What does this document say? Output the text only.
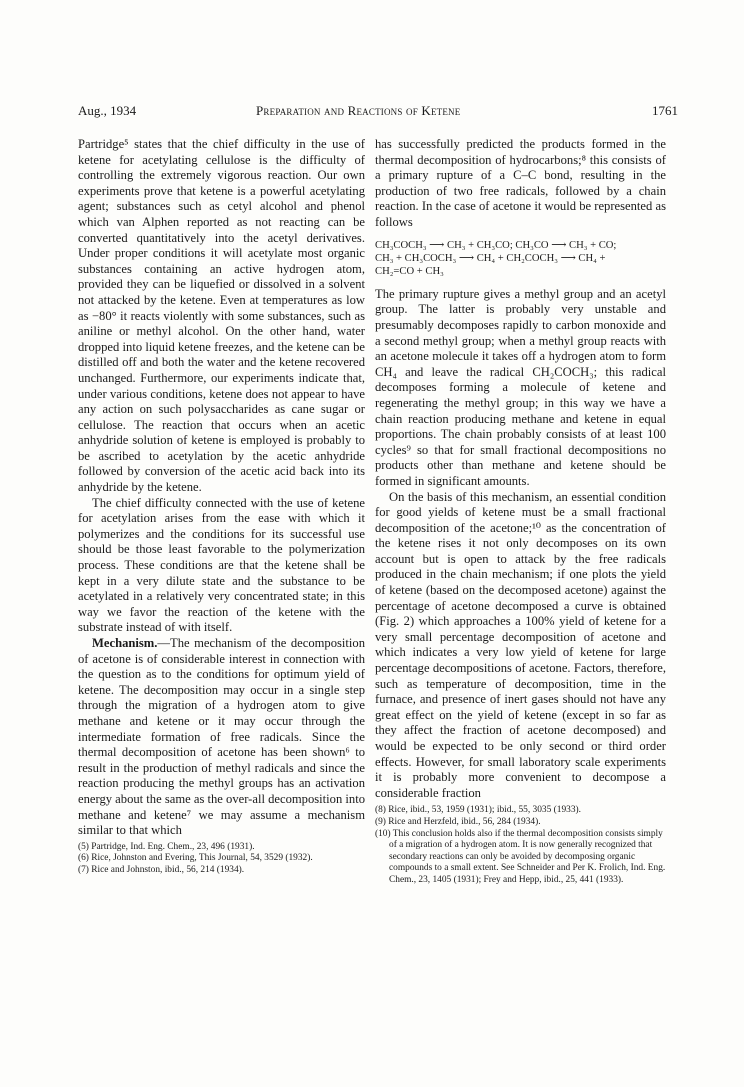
Aug., 1934	Preparation and Reactions of Ketene	1761

Partridge⁵ states that the chief difficulty in the use of ketene for acetylating cellulose is the difficulty of controlling the extremely vigorous reaction. Our own experiments prove that ketene is a powerful acetylating agent; substances such as cetyl alcohol and phenol which van Alphen reported as not reacting can be converted quantitatively into the acetyl derivatives. Under proper conditions it will acetylate most organic substances containing an active hydrogen atom, provided they can be liquefied or dissolved in a solvent not attacked by the ketene. Even at temperatures as low as −80° it reacts violently with some substances, such as aniline or methyl alcohol. On the other hand, water dropped into liquid ketene freezes, and the ketene can be distilled off and both the water and the ketene recovered unchanged. Furthermore, our experiments indicate that, under various conditions, ketene does not appear to have any action on such polysaccharides as cane sugar or cellulose. The reaction that occurs when an acetic anhydride solution of ketene is employed is probably to be ascribed to acetylation by the acetic anhydride followed by conversion of the acetic acid back into its anhydride by the ketene.

The chief difficulty connected with the use of ketene for acetylation arises from the ease with which it polymerizes and the conditions for its successful use should be those least favorable to the polymerization process. These conditions are that the ketene shall be kept in a very dilute state and the substance to be acetylated in a relatively very concentrated state; in this way we favor the reaction of the ketene with the substrate instead of with itself.

Mechanism.—The mechanism of the decomposition of acetone is of considerable interest in connection with the question as to the conditions for optimum yield of ketene. The decomposition may occur in a single step through the migration of a hydrogen atom to give methane and ketene or it may occur through the intermediate formation of free radicals. Since the thermal decomposition of acetone has been shown⁶ to result in the production of methyl radicals and since the reaction producing the methyl groups has an activation energy about the same as the over-all decomposition into methane and ketene⁷ we may assume a mechanism similar to that which

(5) Partridge, Ind. Eng. Chem., 23, 496 (1931).

(6) Rice, Johnston and Evering, This Journal, 54, 3529 (1932).

(7) Rice and Johnston, ibid., 56, 214 (1934).

has successfully predicted the products formed in the thermal decomposition of hydrocarbons;⁸ this consists of a primary rupture of a C–C bond, resulting in the production of two free radicals, followed by a chain reaction. In the case of acetone it would be represented as follows

CH₃COCH₃ ⟶ CH₃ + CH₃CO; CH₃CO ⟶ CH₃ + CO;
CH₃ + CH₃COCH₃ ⟶ CH₄ + CH₂COCH₃ ⟶ CH₄ +
CH₂=CO + CH₃

The primary rupture gives a methyl group and an acetyl group. The latter is probably very unstable and presumably decomposes rapidly to carbon monoxide and a second methyl group; when a methyl group reacts with an acetone molecule it takes off a hydrogen atom to form CH₄ and leave the radical CH₂COCH₃; this radical decomposes forming a molecule of ketene and regenerating the methyl group; in this way we have a chain reaction producing methane and ketene in equal proportions. The chain probably consists of at least 100 cycles⁹ so that for small fractional decompositions no products other than methane and ketene should be formed in significant amounts.

On the basis of this mechanism, an essential condition for good yields of ketene must be a small fractional decomposition of the acetone;¹⁰ as the concentration of the ketene rises it not only decomposes on its own account but is open to attack by the free radicals produced in the chain mechanism; if one plots the yield of ketene (based on the decomposed acetone) against the percentage of acetone decomposed a curve is obtained (Fig. 2) which approaches a 100% yield of ketene for a very small percentage decomposition of acetone and which indicates a very low yield of ketene for large percentage decompositions of acetone. Factors, therefore, such as temperature of decomposition, time in the furnace, and presence of inert gases should not have any great effect on the yield of ketene (except in so far as they affect the fraction of acetone decomposed) and would be expected to be only second or third order effects. However, for small laboratory scale experiments it is probably more convenient to decompose a considerable fraction

(8) Rice, ibid., 53, 1959 (1931); ibid., 55, 3035 (1933).

(9) Rice and Herzfeld, ibid., 56, 284 (1934).

(10) This conclusion holds also if the thermal decomposition consists simply of a migration of a hydrogen atom. It is now generally recognized that secondary reactions can only be avoided by decomposing organic compounds to a small extent. See Schneider and Per K. Frolich, Ind. Eng. Chem., 23, 1405 (1931); Frey and Hepp, ibid., 25, 441 (1933).
